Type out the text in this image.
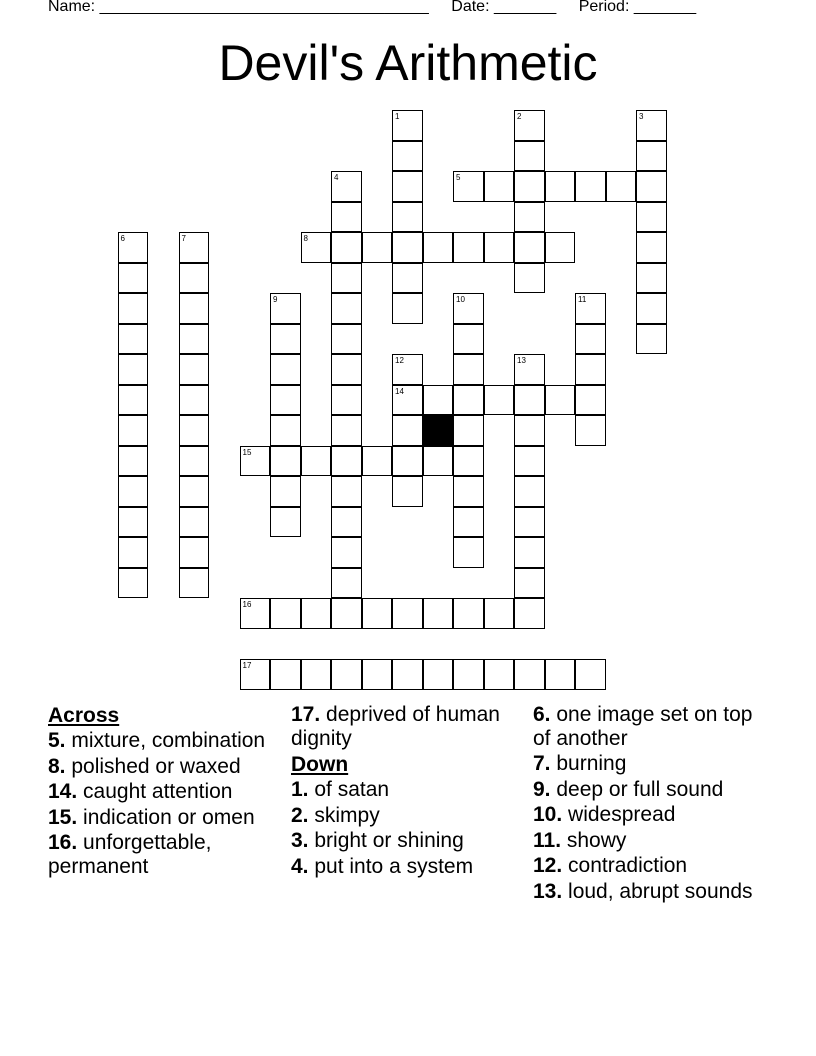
Name: _____________________________________ Date: _______ Period: _______
Devil's Arithmetic
1	2	3
4	5
6	7	8
9	10	11
12	13
14
15
16
17
Across
5. mixture, combination
8. polished or waxed
14. caught attention
15. indication or omen
16. unforgettable, permanent
17. deprived of human dignity
Down
1. of satan
2. skimpy
3. bright or shining
4. put into a system
6. one image set on top of another
7. burning
9. deep or full sound
10. widespread
11. showy
12. contradiction
13. loud, abrupt sounds
